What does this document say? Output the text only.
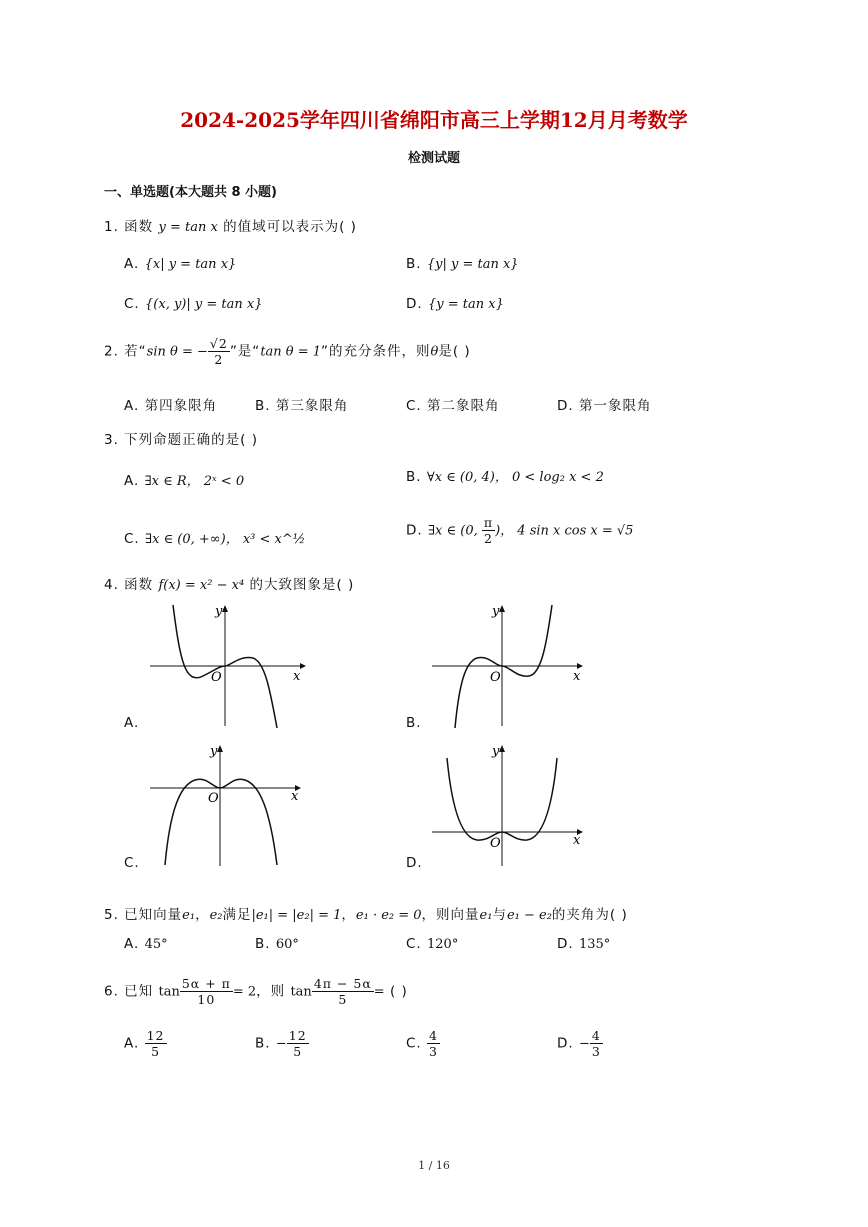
2024-2025学年四川省绵阳市高三上学期12月月考数学
检测试题
一、单选题(本大题共 8 小题)
1. 函数 y = tan x 的值域可以表示为( )
A. {x| y = tan x}	B. {y| y = tan x}
C. {(x, y)| y = tan x}	D. {y = tan x}
2. 若“sin θ = − $\frac{√2}{2}$ ”是“tan θ = 1”的充分条件，则θ是( )
A. 第四象限角	B. 第三象限角	C. 第二象限角	D. 第一象限角
3. 下列命题正确的是( )
A. ∃x ∈ R， 2ˣ < 0	B. ∀x ∈ (0, 4)， 0 < log₂ x < 2
C. ∃x ∈ (0, +∞)， x³ < x^½
D. ∃x ∈ (0, $\frac{\pi}{2}$ )， 4 sin x cos x = √5
4. 函数 f(x) = x² − x⁴ 的大致图象是( )
O
y
x
A.
O
y
x
B.
O
y
x
C.
O
y
x
D.
5. 已知向量e₁，e₂满足|e₁| = |e₂| = 1，e₁ · e₂ = 0，则向量e₁与e₁ − e₂的夹角为( )
A. 45°	B. 60°	C. 120°	D. 135°
6. 已知 $\tan \frac{5\alpha + \pi}{10} = 2$，则 $\tan \frac{4\pi - 5\alpha}{5}$ = ( )
A. $\frac{12}{5}$	B. − $\frac{12}{5}$	C. $\frac{4}{3}$	D. − $\frac{4}{3}$
1 / 16
